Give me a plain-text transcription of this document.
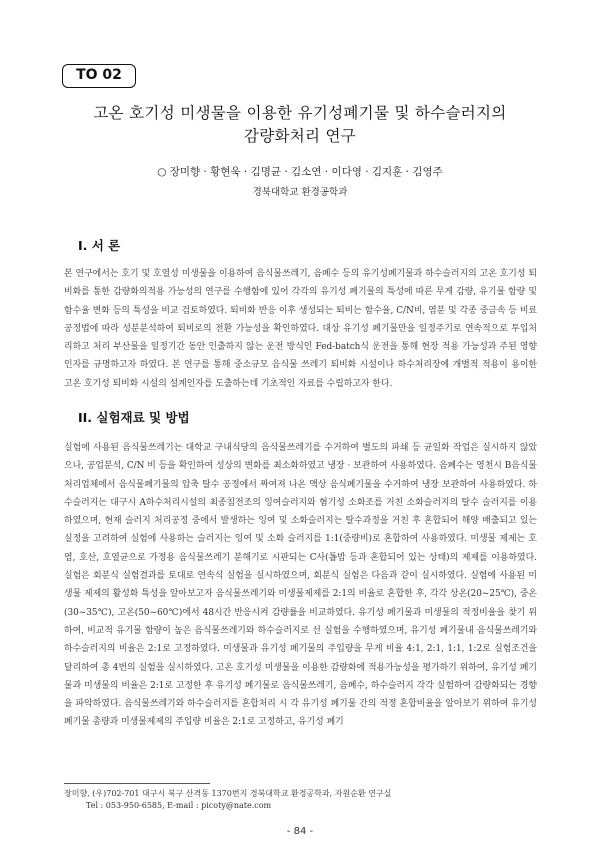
TO 02
고온 호기성 미생물을 이용한 유기성폐기물 및 하수슬러지의
감량화처리 연구
○ 장미향 · 황현욱 · 김명균 · 김소연 · 이다영 · 김지훈 · 김영주
경북대학교 환경공학과
I. 서 론

본 연구에서는 호기 및 호열성 미생물을 이용하여 음식물쓰레기, 음폐수 등의 유기성폐기물과 하수슬러지의 고온 호기성 퇴비화를 통한 감량화의적용 가능성의 연구를 수행함에 있어 각각의 유기성 폐기물의 특성에 따른 무게 감량, 유기물 함량 및 함수율 변화 등의 특성을 비교 검토하였다. 퇴비화 반응 이후 생성되는 퇴비는 함수율, C/N비, 염분 및 각종 중금속 등 비료공정법에 따라 성분분석하여 퇴비로의 전환 가능성을 확인하였다. 대상 유기성 폐기물만을 일정주기로 연속적으로 투입처리하고 처리 부산물을 일정기간 동안 인출하지 않는 운전 방식인 Fed-batch식 운전을 통해 현장 적용 가능성과 주된 영향인자를 규명하고자 하였다. 본 연구를 통해 중소규모 음식물 쓰레기 퇴비화 시설이나 하수처리장에 개별적 적용이 용이한 고온 호기성 퇴비화 시설의 설계인자를 도출하는데 기초적인 자료를 수립하고자 한다.

II. 실험재료 및 방법

실험에 사용된 음식물쓰레기는 대학교 구내식당의 음식물쓰레기를 수거하여 별도의 파쇄 등 균일화 작업은 실시하지 않았으나, 공업분석, C/N 비 등을 확인하여 성상의 변화를 최소화하였고 냉장 · 보관하여 사용하였다. 음폐수는 영천시 B음식물 처리업체에서 음식물폐기물의 압축 탈수 공정에서 짜여져 나온 액상 음식폐기물을 수거하여 냉장 보관하여 사용하였다. 하수슬러지는 대구시 A하수처리시설의 최종침전조의 잉여슬러지와 혐기성 소화조를 거친 소화슬러지의 탈수 슬러지를 이용하였으며, 현재 슬러지 처리공정 중에서 발생하는 잉여 및 소화슬러지는 탈수과정을 거친 후 혼합되어 해양 배출되고 있는 실정을 고려하여 실험에 사용하는 슬러지는 잉여 및 소화 슬러지를 1:1(중량비)로 혼합하여 사용하였다. 미생물 제제는 호염, 호산, 호열균으로 가정용 음식물쓰레기 분해기로 시판되는 C사(톱밥 등과 혼합되어 있는 상태)의 제제를 이용하였다. 실험은 회분식 실험결과를 토대로 연속식 실험을 실시하였으며, 회분식 실험은 다음과 같이 실시하였다. 실험에 사용된 미생물 제제의 활성화 특성을 알아보고자 음식물쓰레기와 미생물제제를 2:1의 비율로 혼합한 후, 각각 상온(20~25℃), 중온(30~35℃), 고온(50~60℃)에서 48시간 반응시켜 감량률을 비교하였다. 유기성 폐기물과 미생물의 적정비율을 찾기 위하여, 비교적 유기물 함량이 높은 음식물쓰레기와 하수슬러지로 선 실험을 수행하였으며, 유기성 폐기물내 음식물쓰레기와 하수슬러지의 비율은 2:1로 고정하였다. 미생물과 유기성 폐기물의 주입량을 무게 비율 4:1, 2:1, 1:1, 1:2로 실험조건을 달리하여 총 4번의 실험을 실시하였다. 고온 호기성 미생물을 이용한 감량화에 적용가능성을 평가하기 위하여, 유기성 폐기물과 미생물의 비율은 2:1로 고정한 후 유기성 폐기물로 음식물쓰레기, 음폐수, 하수슬러지 각각 실험하여 감량화되는 경향을 파악하였다. 음식물쓰레기와 하수슬러지를 혼합처리 시 각 유기성 폐기물 간의 적정 혼합비율을 알아보기 위하여 유기성 폐기물 총량과 미생물제제의 주입량 비율은 2:1로 고정하고, 유기성 폐기

장미향, (우)702-701 대구시 북구 산격동 1370번지 경북대학교 환경공학과, 자원순환 연구실
Tel : 053-950-6585, E-mail : picoty@nate.com
- 84 -
